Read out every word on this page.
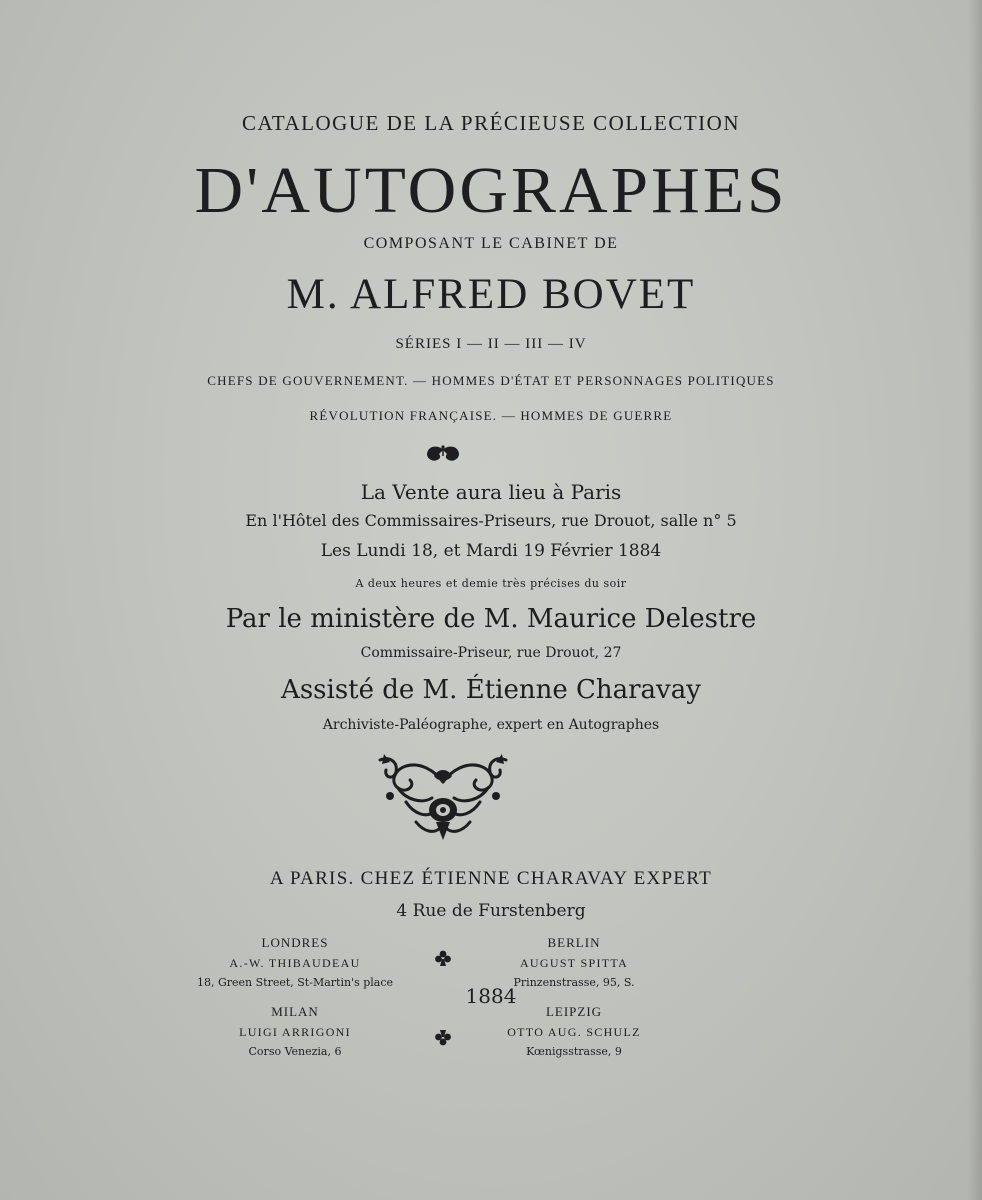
CATALOGUE DE LA PRÉCIEUSE COLLECTION
D'AUTOGRAPHES
COMPOSANT LE CABINET DE
M. ALFRED BOVET
SÉRIES I — II — III — IV
CHEFS DE GOUVERNEMENT. — HOMMES D'ÉTAT ET PERSONNAGES POLITIQUES
RÉVOLUTION FRANÇAISE. — HOMMES DE GUERRE
La Vente aura lieu à Paris
En l'Hôtel des Commissaires-Priseurs, rue Drouot, salle n° 5
Les Lundi 18, et Mardi 19 Février 1884
A deux heures et demie très précises du soir
Par le ministère de M. Maurice Delestre
Commissaire-Priseur, rue Drouot, 27
Assisté de M. Étienne Charavay
Archiviste-Paléographe, expert en Autographes
A PARIS. CHEZ ÉTIENNE CHARAVAY EXPERT
4 Rue de Furstenberg
LONDRES
A.-W. THIBAUDEAU
18, Green Street, St-Martin's place
MILAN
LUIGI ARRIGONI
Corso Venezia, 6
BERLIN
AUGUST SPITTA
Prinzenstrasse, 95, S.
LEIPZIG
OTTO AUG. SCHULZ
Kœnigsstrasse, 9
1884
